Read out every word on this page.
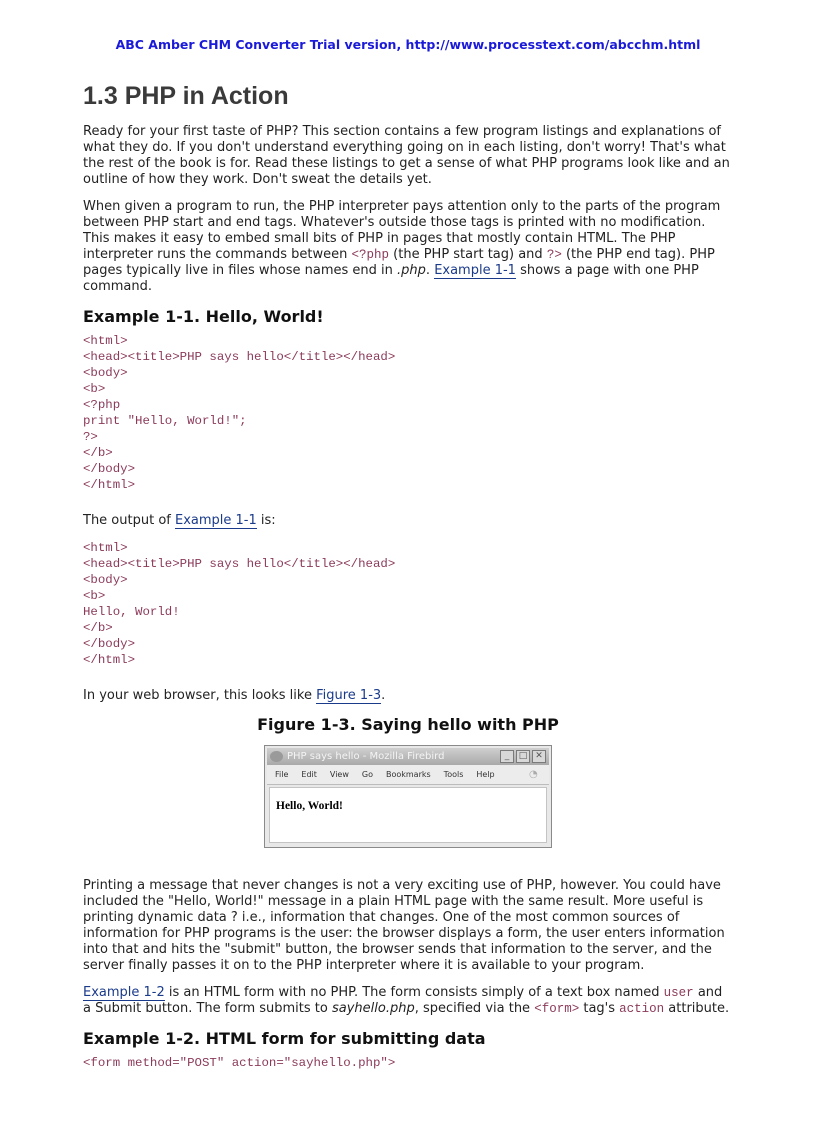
ABC Amber CHM Converter Trial version, http://www.processtext.com/abcchm.html
1.3 PHP in Action

Ready for your first taste of PHP? This section contains a few program listings and explanations of what they do. If you don't understand everything going on in each listing, don't worry! That's what the rest of the book is for. Read these listings to get a sense of what PHP programs look like and an outline of how they work. Don't sweat the details yet.

When given a program to run, the PHP interpreter pays attention only to the parts of the program between PHP start and end tags. Whatever's outside those tags is printed with no modification. This makes it easy to embed small bits of PHP in pages that mostly contain HTML. The PHP interpreter runs the commands between <?php (the PHP start tag) and ?> (the PHP end tag). PHP pages typically live in files whose names end in .php. Example 1-1 shows a page with one PHP command.

Example 1-1. Hello, World!
<html>
<head><title>PHP says hello</title></head>
<body>
<b>
<?php
print "Hello, World!";
?>
</b>
</body>
</html>

The output of Example 1-1 is:

<html>
<head><title>PHP says hello</title></head>
<body>
<b>
Hello, World!
</b>
</body>
</html>

In your web browser, this looks like Figure 1-3.

Figure 1-3. Saying hello with PHP
PHP says hello - Mozilla Firebird	_	□ ✕
File Edit View Go Bookmarks Tools Help	◔
Hello, World!

Printing a message that never changes is not a very exciting use of PHP, however. You could have included the "Hello, World!" message in a plain HTML page with the same result. More useful is printing dynamic data ? i.e., information that changes. One of the most common sources of information for PHP programs is the user: the browser displays a form, the user enters information into that and hits the "submit" button, the browser sends that information to the server, and the server finally passes it on to the PHP interpreter where it is available to your program.

Example 1-2 is an HTML form with no PHP. The form consists simply of a text box named user and a Submit button. The form submits to sayhello.php, specified via the <form> tag's action attribute.

Example 1-2. HTML form for submitting data
<form method="POST" action="sayhello.php">
